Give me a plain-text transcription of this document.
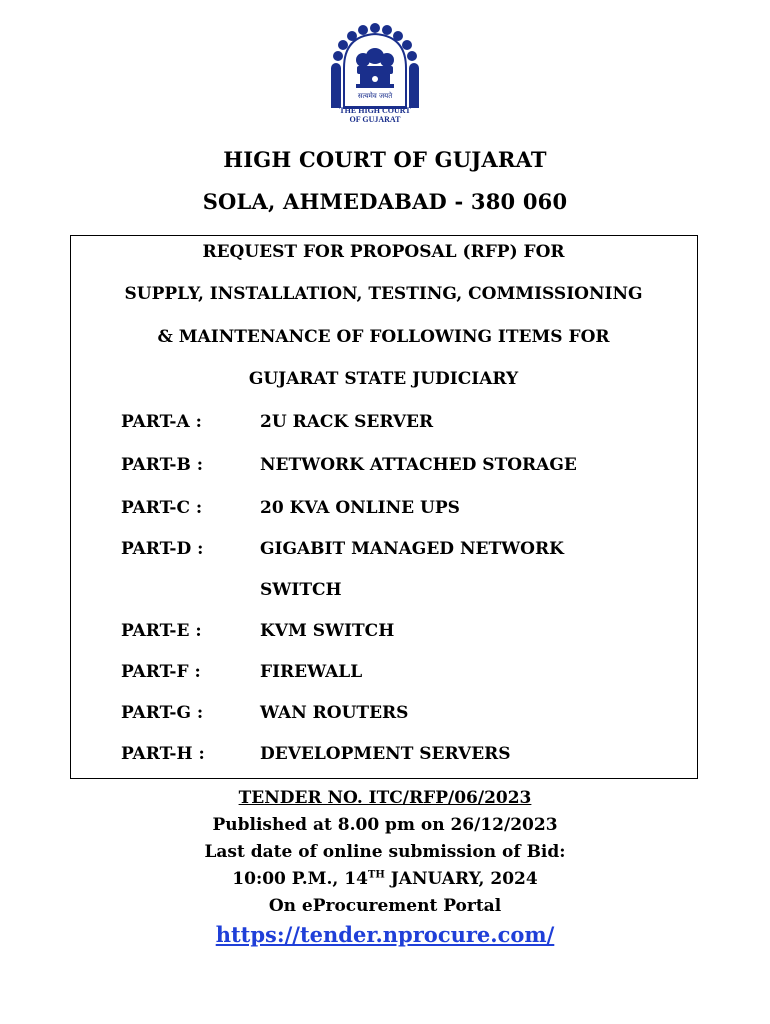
सत्यमेव जयते
THE HIGH COURT
OF GUJARAT
HIGH COURT OF GUJARAT
SOLA, AHMEDABAD - 380 060
REQUEST FOR PROPOSAL (RFP) FOR
SUPPLY, INSTALLATION, TESTING, COMMISSIONING
& MAINTENANCE OF FOLLOWING ITEMS FOR
GUJARAT STATE JUDICIARY
PART-A :	2U RACK SERVER
PART-B :	NETWORK ATTACHED STORAGE
PART-C :	20 KVA ONLINE UPS
PART-D :	GIGABIT MANAGED NETWORK
SWITCH
PART-E :	KVM SWITCH
PART-F :	FIREWALL
PART-G :	WAN ROUTERS
PART-H :	DEVELOPMENT SERVERS
TENDER NO. ITC/RFP/06/2023
Published at 8.00 pm on 26/12/2023
Last date of online submission of Bid:
10:00 P.M., 14TH JANUARY, 2024
On eProcurement Portal
https://tender.nprocure.com/
